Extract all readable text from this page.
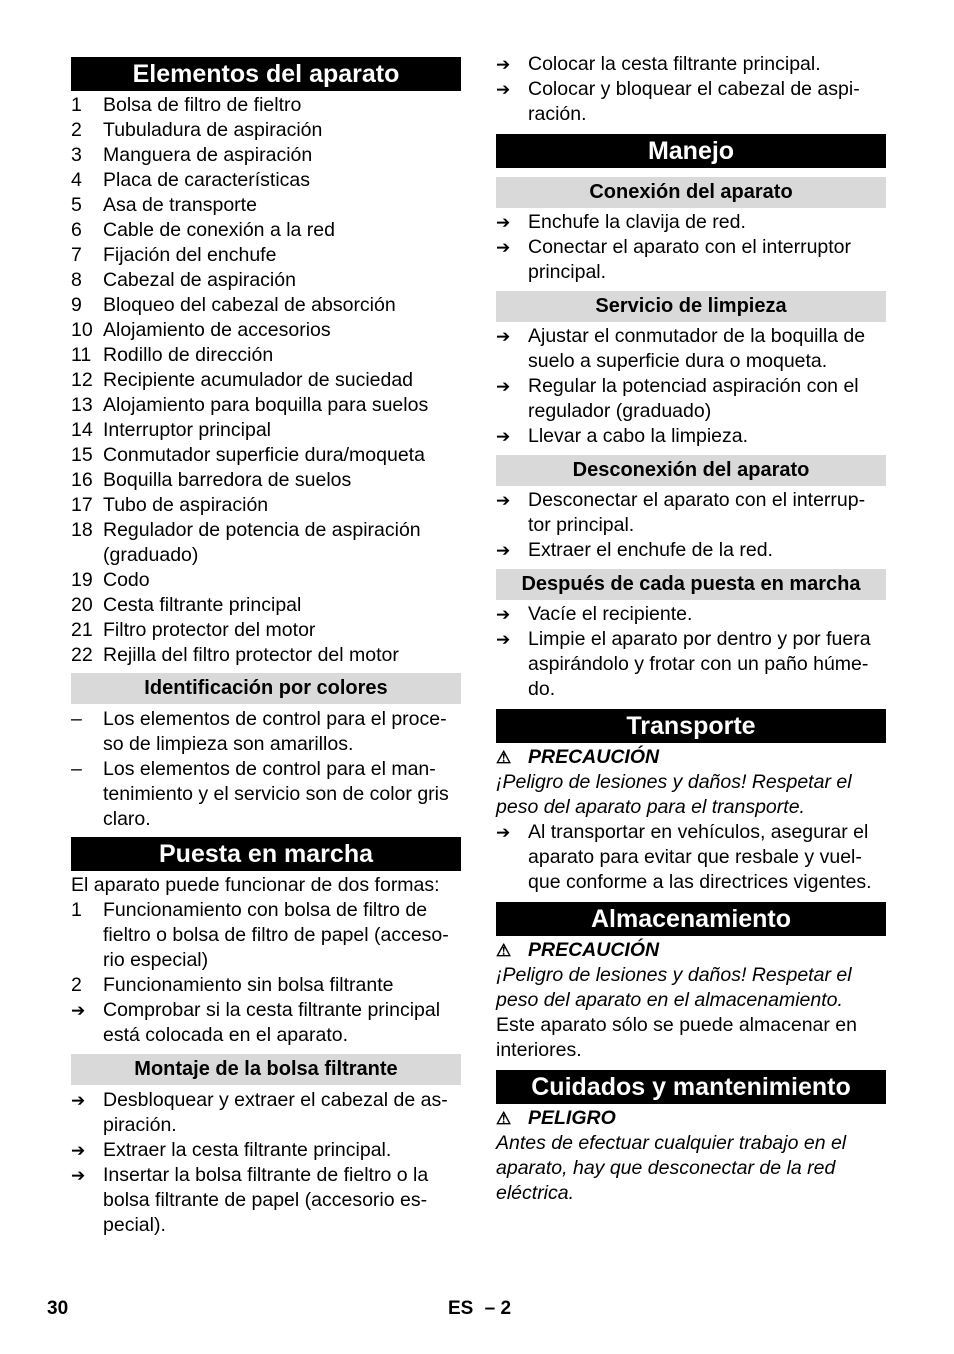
Elementos del aparato
1	Bolsa de filtro de fieltro
2	Tubuladura de aspiración
3	Manguera de aspiración
4	Placa de características
5	Asa de transporte
6	Cable de conexión a la red
7	Fijación del enchufe
8	Cabezal de aspiración
9	Bloqueo del cabezal de absorción
10 Alojamiento de accesorios
11 Rodillo de dirección
12 Recipiente acumulador de suciedad
13 Alojamiento para boquilla para suelos
14 Interruptor principal
15 Conmutador superficie dura/moqueta
16 Boquilla barredora de suelos
17 Tubo de aspiración
18 Regulador de potencia de aspiración (graduado)
19 Codo
20 Cesta filtrante principal
21 Filtro protector del motor
22 Rejilla del filtro protector del motor
Identificación por colores
–	Los elementos de control para el proce-so de limpieza son amarillos.
–	Los elementos de control para el man-tenimiento y el servicio son de color gris claro.
Puesta en marcha
El aparato puede funcionar de dos formas:
1	Funcionamiento con bolsa de filtro de fieltro o bolsa de filtro de papel (acceso-rio especial)
2	Funcionamiento sin bolsa filtrante
➔ Comprobar si la cesta filtrante principal está colocada en el aparato.
Montaje de la bolsa filtrante
➔ Desbloquear y extraer el cabezal de as-piración.
➔ Extraer la cesta filtrante principal.
➔ Insertar la bolsa filtrante de fieltro o la bolsa filtrante de papel (accesorio es-pecial).
➔ Colocar la cesta filtrante principal.
➔ Colocar y bloquear el cabezal de aspi-ración.
Manejo
Conexión del aparato
➔ Enchufe la clavija de red.
➔ Conectar el aparato con el interruptor principal.
Servicio de limpieza
➔ Ajustar el conmutador de la boquilla de suelo a superficie dura o moqueta.
➔ Regular la potenciad aspiración con el regulador (graduado)
➔ Llevar a cabo la limpieza.
Desconexión del aparato
➔ Desconectar el aparato con el interrup-tor principal.
➔ Extraer el enchufe de la red.
Después de cada puesta en marcha
➔ Vacíe el recipiente.
➔ Limpie el aparato por dentro y por fuera aspirándolo y frotar con un paño húme-do.
Transporte
⚠ PRECAUCIÓN
¡Peligro de lesiones y daños! Respetar el peso del aparato para el transporte.
➔ Al transportar en vehículos, asegurar el aparato para evitar que resbale y vuel-que conforme a las directrices vigentes.
Almacenamiento
⚠ PRECAUCIÓN
¡Peligro de lesiones y daños! Respetar el peso del aparato en el almacenamiento.
Este aparato sólo se puede almacenar en interiores.
Cuidados y mantenimiento
⚠ PELIGRO
Antes de efectuar cualquier trabajo en el aparato, hay que desconectar de la red eléctrica.
30	ES – 2
